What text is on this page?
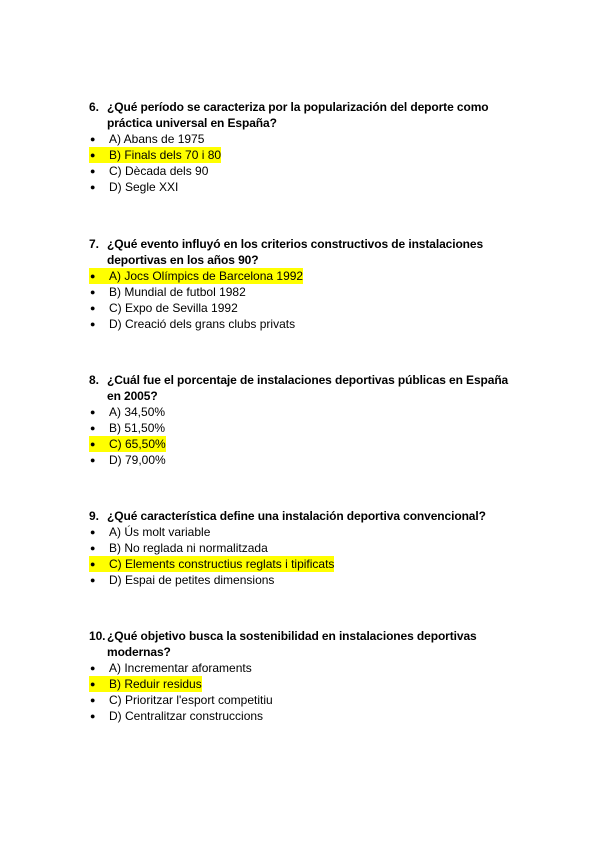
6. ¿Qué período se caracteriza por la popularización del deporte como práctica universal en España?
●	A) Abans de 1975
●	B) Finals dels 70 i 80
●	C) Dècada dels 90
●	D) Segle XXI
7. ¿Qué evento influyó en los criterios constructivos de instalaciones deportivas en los años 90?
●	A) Jocs Olímpics de Barcelona 1992
●	B) Mundial de futbol 1982
●	C) Expo de Sevilla 1992
●	D) Creació dels grans clubs privats
8. ¿Cuál fue el porcentaje de instalaciones deportivas públicas en España en 2005?
●	A) 34,50%
●	B) 51,50%
●	C) 65,50%
●	D) 79,00%
9. ¿Qué característica define una instalación deportiva convencional?
●	A) Ús molt variable
●	B) No reglada ni normalitzada
●	C) Elements constructius reglats i tipificats
●	D) Espai de petites dimensions
10. ¿Qué objetivo busca la sostenibilidad en instalaciones deportivas modernas?
●	A) Incrementar aforaments
●	B) Reduir residus
●	C) Prioritzar l'esport competitiu
●	D) Centralitzar construccions
